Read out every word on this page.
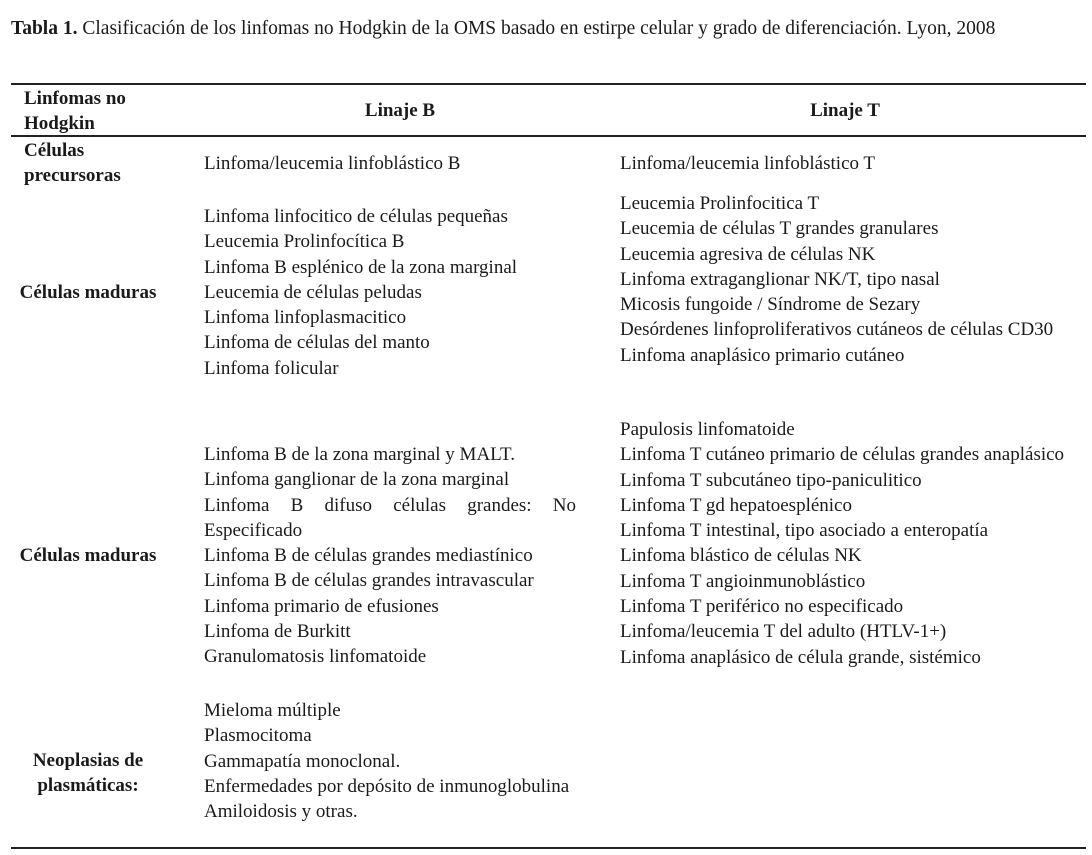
Tabla 1. Clasificación de los linfomas no Hodgkin de la OMS basado en estirpe celular y grado de diferenciación. Lyon, 2008
Linfomas no Hodgkin
Linaje B	Linaje T
Células precursoras
Linfoma/leucemia linfoblástico B	Linfoma/leucemia linfoblástico T
Células maduras
Linfoma linfocitico de células pequeñas
Leucemia Prolinfocítica B
Linfoma B esplénico de la zona marginal
Leucemia de células peludas
Linfoma linfoplasmacitico
Linfoma de células del manto
Linfoma folicular
Leucemia Prolinfocitica T
Leucemia de células T grandes granulares
Leucemia agresiva de células NK
Linfoma extraganglionar NK/T, tipo nasal
Micosis fungoide / Síndrome de Sezary
Desórdenes linfoproliferativos cutáneos de células CD30
Linfoma anaplásico primario cutáneo
Células maduras
Linfoma B de la zona marginal y MALT.
Linfoma ganglionar de la zona marginal
Linfoma B difuso células grandes: No Especificado
Linfoma B de células grandes mediastínico
Linfoma B de células grandes intravascular
Linfoma primario de efusiones
Linfoma de Burkitt
Granulomatosis linfomatoide
Papulosis linfomatoide
Linfoma T cutáneo primario de células grandes anaplásico
Linfoma T subcutáneo tipo-paniculitico
Linfoma T gd hepatoesplénico
Linfoma T intestinal, tipo asociado a enteropatía
Linfoma blástico de células NK
Linfoma T angioinmunoblástico
Linfoma T periférico no especificado
Linfoma/leucemia T del adulto (HTLV-1+)
Linfoma anaplásico de célula grande, sistémico
Neoplasias de plasmáticas:
Mieloma múltiple
Plasmocitoma
Gammapatía monoclonal.
Enfermedades por depósito de inmunoglobulina
Amiloidosis y otras.
